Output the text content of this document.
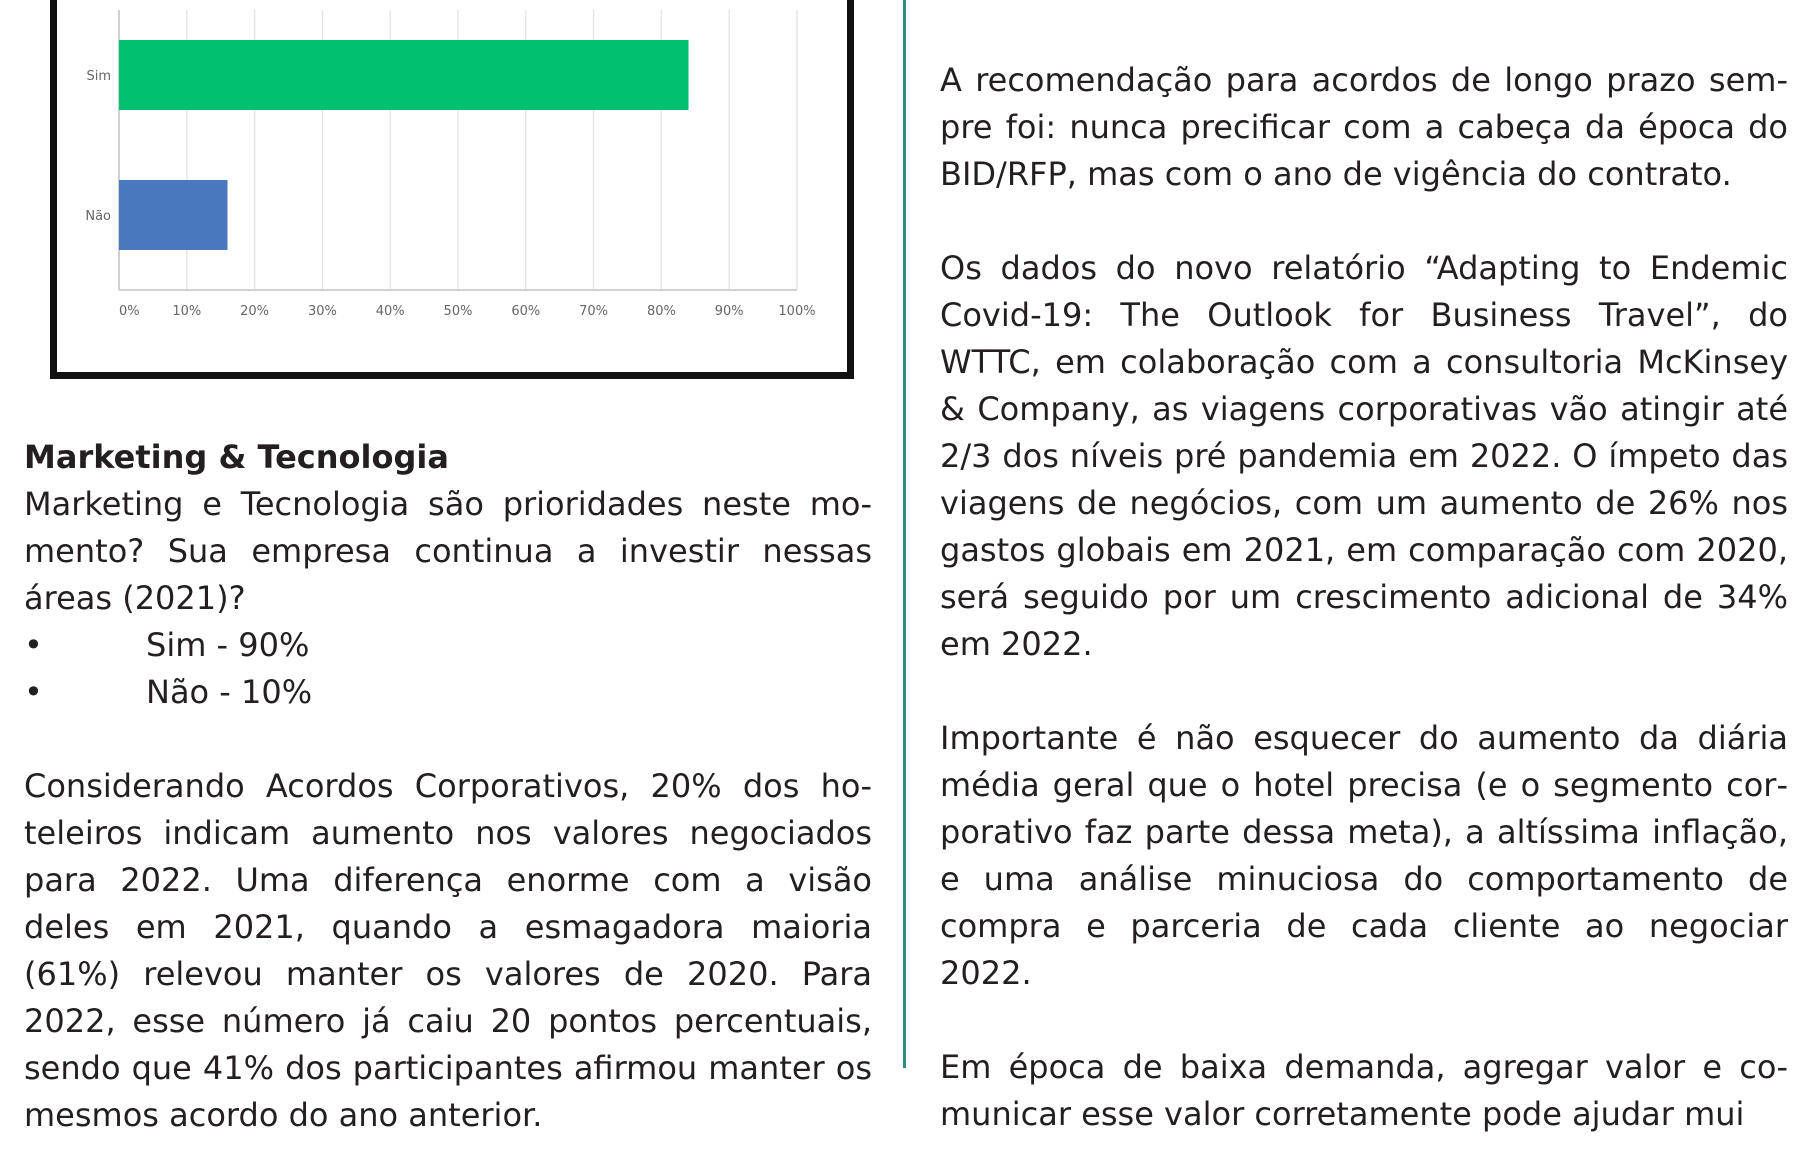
0%	10%	20%	30%	40%	50%	60%	70%	80%	90%	100%
Sim
Não

Marketing & Tecnologia

Marketing e Tecnologia são prioridades neste momento? Sua empresa continua a investir nessas áreas (2021)?

•	Sim - 90%
•	Não - 10%

Considerando Acordos Corporativos, 20% dos hoteleiros indicam aumento nos valores negociados para 2022. Uma diferença enorme com a visão deles em 2021, quando a esmagadora maioria (61%) relevou manter os valores de 2020. Para 2022, esse número já caiu 20 pontos percentuais, sendo que 41% dos participantes afirmou manter os mesmos acordo do ano anterior.

A recomendação para acordos de longo prazo sempre foi: nunca precificar com a cabeça da época do BID/RFP, mas com o ano de vigência do contrato.

Os dados do novo relatório “Adapting to Endemic Covid-19: The Outlook for Business Travel”, do WTTC, em colaboração com a consultoria McKinsey & Company, as viagens corporativas vão atingir até 2/3 dos níveis pré pandemia em 2022. O ímpeto das viagens de negócios, com um aumento de 26% nos gastos globais em 2021, em comparação com 2020, será seguido por um crescimento adicional de 34% em 2022.

Importante é não esquecer do aumento da diária média geral que o hotel precisa (e o segmento corporativo faz parte dessa meta), a altíssima inflação, e uma análise minuciosa do comportamento de compra e parceria de cada cliente ao negociar 2022.

Em época de baixa demanda, agregar valor e comunicar esse valor corretamente pode ajudar mui
